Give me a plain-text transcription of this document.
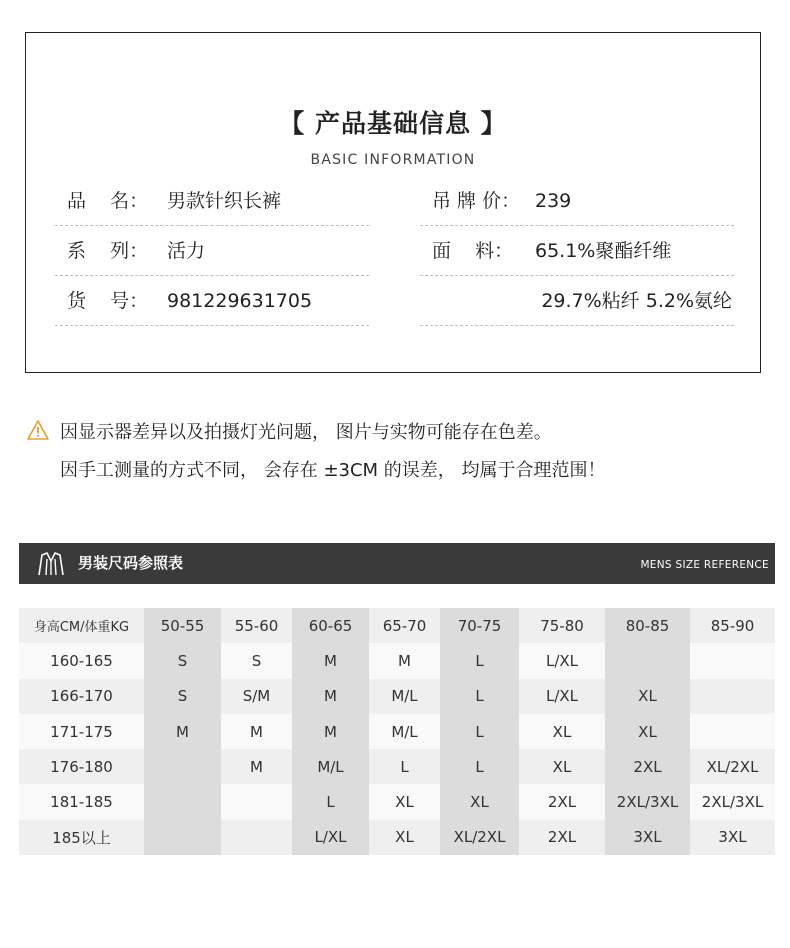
【 产品基础信息 】
BASIC INFORMATION
品    名： 男款针织长裤
系    列： 活力
货    号： 981229631705
吊 牌 价： 239
面    料： 65.1%聚酯纤维
29.7%粘纤 5.2%氨纶
因显示器差异以及拍摄灯光问题， 图片与实物可能存在色差。
因手工测量的方式不同， 会存在 ±3CM 的误差， 均属于合理范围！
男装尺码参照表	MENS SIZE REFERENCE
身高CM/体重KG	50-55	55-60	60-65	65-70	70-75	75-80	80-85	85-90
160-165	S	S	M	M	L	L/XL		
166-170	S	S/M	M	M/L	L	L/XL	XL	
171-175	M	M	M	M/L	L	XL	XL	
176-180		M	M/L	L	L	XL	2XL	XL/2XL
181-185			L	XL	XL	2XL	2XL/3XL	2XL/3XL
185以上			L/XL	XL	XL/2XL	2XL	3XL	3XL
